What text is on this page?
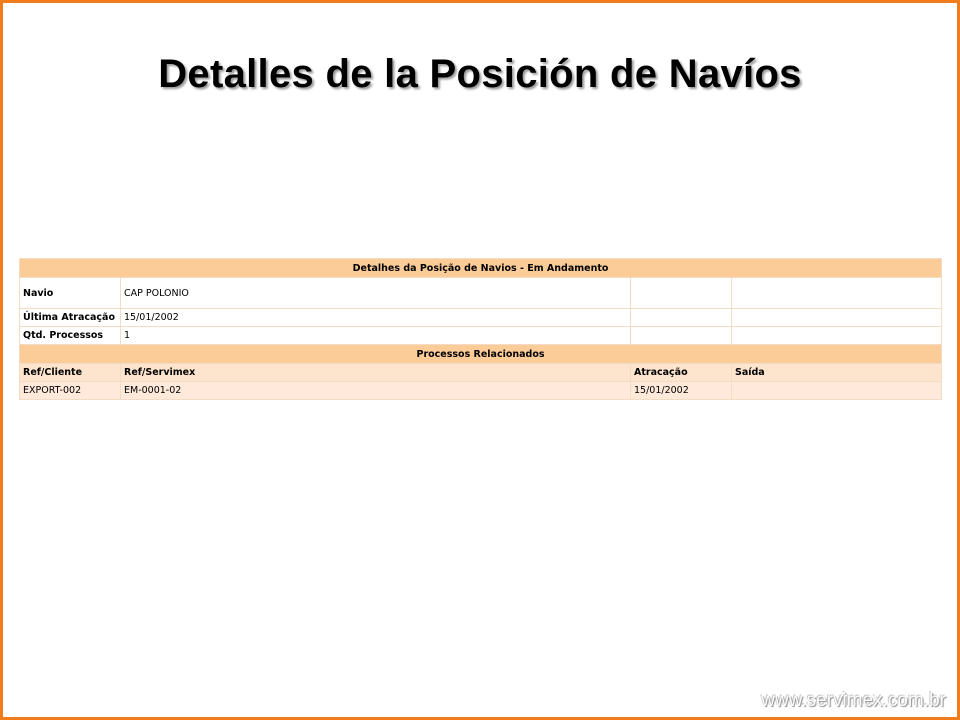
Detalles de la Posición de Navíos
Detalhes da Posição de Navios - Em Andamento			
Navio	CAP POLONIO		
Última Atracação	15/01/2002		
Qtd. Processos	1		
Processos Relacionados			
Ref/Cliente	Ref/Servimex	Atracação	Saída
EXPORT-002	EM-0001-02	15/01/2002	
www.servimex.com.br
